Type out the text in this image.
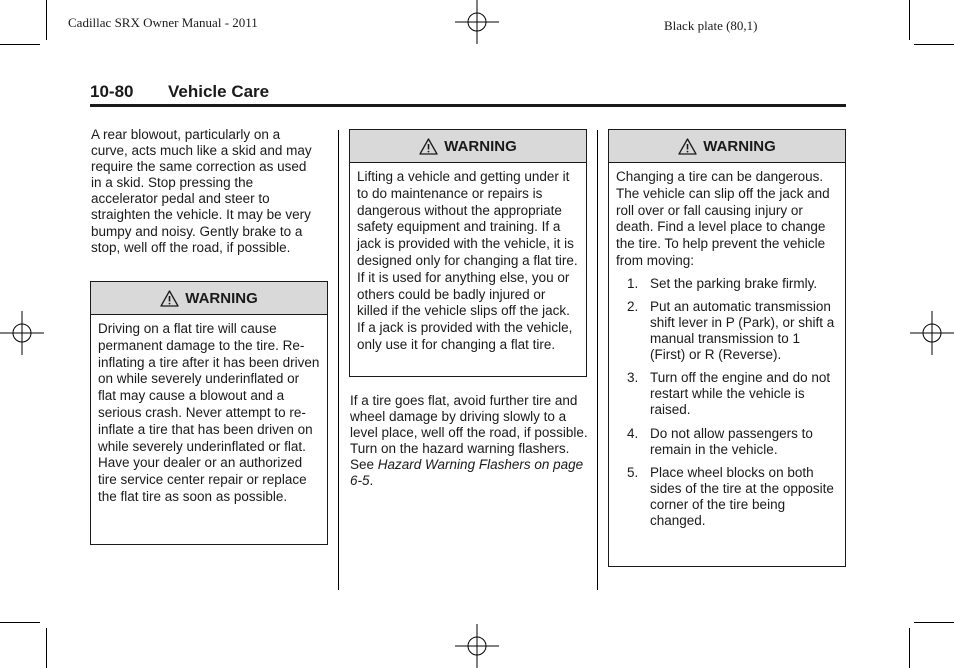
Cadillac SRX Owner Manual - 2011	Black plate (80,1)
10-80 Vehicle Care
A rear blowout, particularly on a curve, acts much like a skid and may require the same correction as used in a skid. Stop pressing the accelerator pedal and steer to straighten the vehicle. It may be very bumpy and noisy. Gently brake to a stop, well off the road, if possible.
WARNING
Driving on a flat tire will cause permanent damage to the tire. Re-inflating a tire after it has been driven on while severely underinflated or flat may cause a blowout and a serious crash. Never attempt to re-inflate a tire that has been driven on while severely underinflated or flat. Have your dealer or an authorized tire service center repair or replace the flat tire as soon as possible.
WARNING
Lifting a vehicle and getting under it to do maintenance or repairs is dangerous without the appropriate safety equipment and training. If a jack is provided with the vehicle, it is designed only for changing a flat tire. If it is used for anything else, you or others could be badly injured or killed if the vehicle slips off the jack. If a jack is provided with the vehicle, only use it for changing a flat tire.
If a tire goes flat, avoid further tire and wheel damage by driving slowly to a level place, well off the road, if possible. Turn on the hazard warning flashers. See Hazard Warning Flashers on page 6-5.
WARNING
Changing a tire can be dangerous. The vehicle can slip off the jack and roll over or fall causing injury or death. Find a level place to change the tire. To help prevent the vehicle from moving:
1. Set the parking brake firmly.
2. Put an automatic transmission shift lever in P (Park), or shift a manual transmission to 1 (First) or R (Reverse).
3. Turn off the engine and do not restart while the vehicle is raised.
4. Do not allow passengers to remain in the vehicle.
5. Place wheel blocks on both sides of the tire at the opposite corner of the tire being changed.
